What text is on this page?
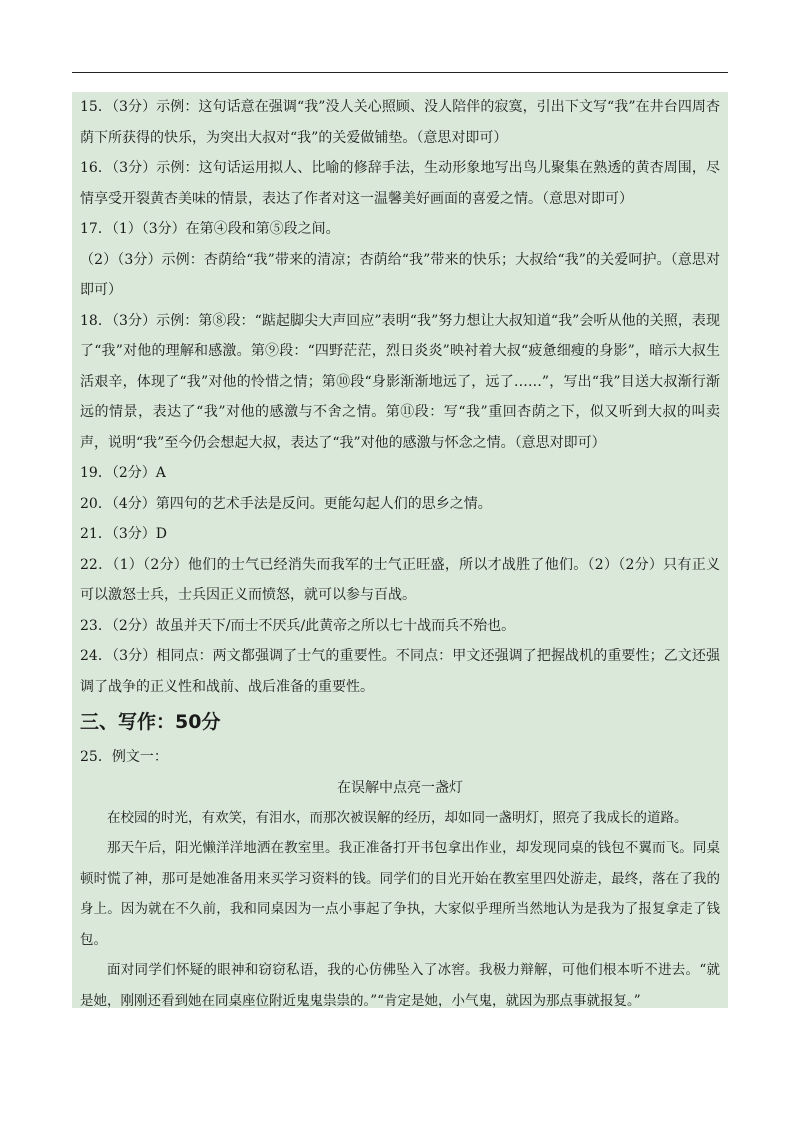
15．（3分）示例：这句话意在强调“我”没人关心照顾、没人陪伴的寂寞，引出下文写“我”在井台四周杏荫下所获得的快乐，为突出大叔对“我”的关爱做铺垫。（意思对即可）

16．（3分）示例：这句话运用拟人、比喻的修辞手法，生动形象地写出鸟儿聚集在熟透的黄杏周围，尽情享受开裂黄杏美味的情景，表达了作者对这一温馨美好画面的喜爱之情。（意思对即可）

17．（1）（3分）在第④段和第⑤段之间。

（2）（3分）示例：杏荫给“我”带来的清凉；杏荫给“我”带来的快乐；大叔给“我”的关爱呵护。（意思对即可）

18．（3分）示例：第⑧段：“踮起脚尖大声回应”表明“我”努力想让大叔知道“我”会听从他的关照，表现了“我”对他的理解和感激。第⑨段：“四野茫茫，烈日炎炎”映衬着大叔“疲惫细瘦的身影”，暗示大叔生活艰辛，体现了“我”对他的怜惜之情；第⑩段“身影渐渐地远了，远了……”，写出“我”目送大叔渐行渐远的情景，表达了“我”对他的感激与不舍之情。第⑪段：写“我”重回杏荫之下，似又听到大叔的叫卖声，说明“我”至今仍会想起大叔，表达了“我”对他的感激与怀念之情。（意思对即可）

19．（2分）A

20．（4分）第四句的艺术手法是反问。更能勾起人们的思乡之情。

21．（3分）D

22．（1）（2分）他们的士气已经消失而我军的士气正旺盛，所以才战胜了他们。（2）（2分）只有正义可以激怒士兵，士兵因正义而愤怒，就可以参与百战。

23．（2分）故虽并天下/而士不厌兵/此黄帝之所以七十战而兵不殆也。

24．（3分）相同点：两文都强调了士气的重要性。不同点：甲文还强调了把握战机的重要性；乙文还强调了战争的正义性和战前、战后准备的重要性。

三、写作：50分

25．例文一：

在误解中点亮一盏灯

在校园的时光，有欢笑，有泪水，而那次被误解的经历，却如同一盏明灯，照亮了我成长的道路。

那天午后，阳光懒洋洋地洒在教室里。我正准备打开书包拿出作业，却发现同桌的钱包不翼而飞。同桌顿时慌了神，那可是她准备用来买学习资料的钱。同学们的目光开始在教室里四处游走，最终，落在了我的身上。因为就在不久前，我和同桌因为一点小事起了争执，大家似乎理所当然地认为是我为了报复拿走了钱包。

面对同学们怀疑的眼神和窃窃私语，我的心仿佛坠入了冰窖。我极力辩解，可他们根本听不进去。“就是她，刚刚还看到她在同桌座位附近鬼鬼祟祟的。”“肯定是她，小气鬼，就因为那点事就报复。”
